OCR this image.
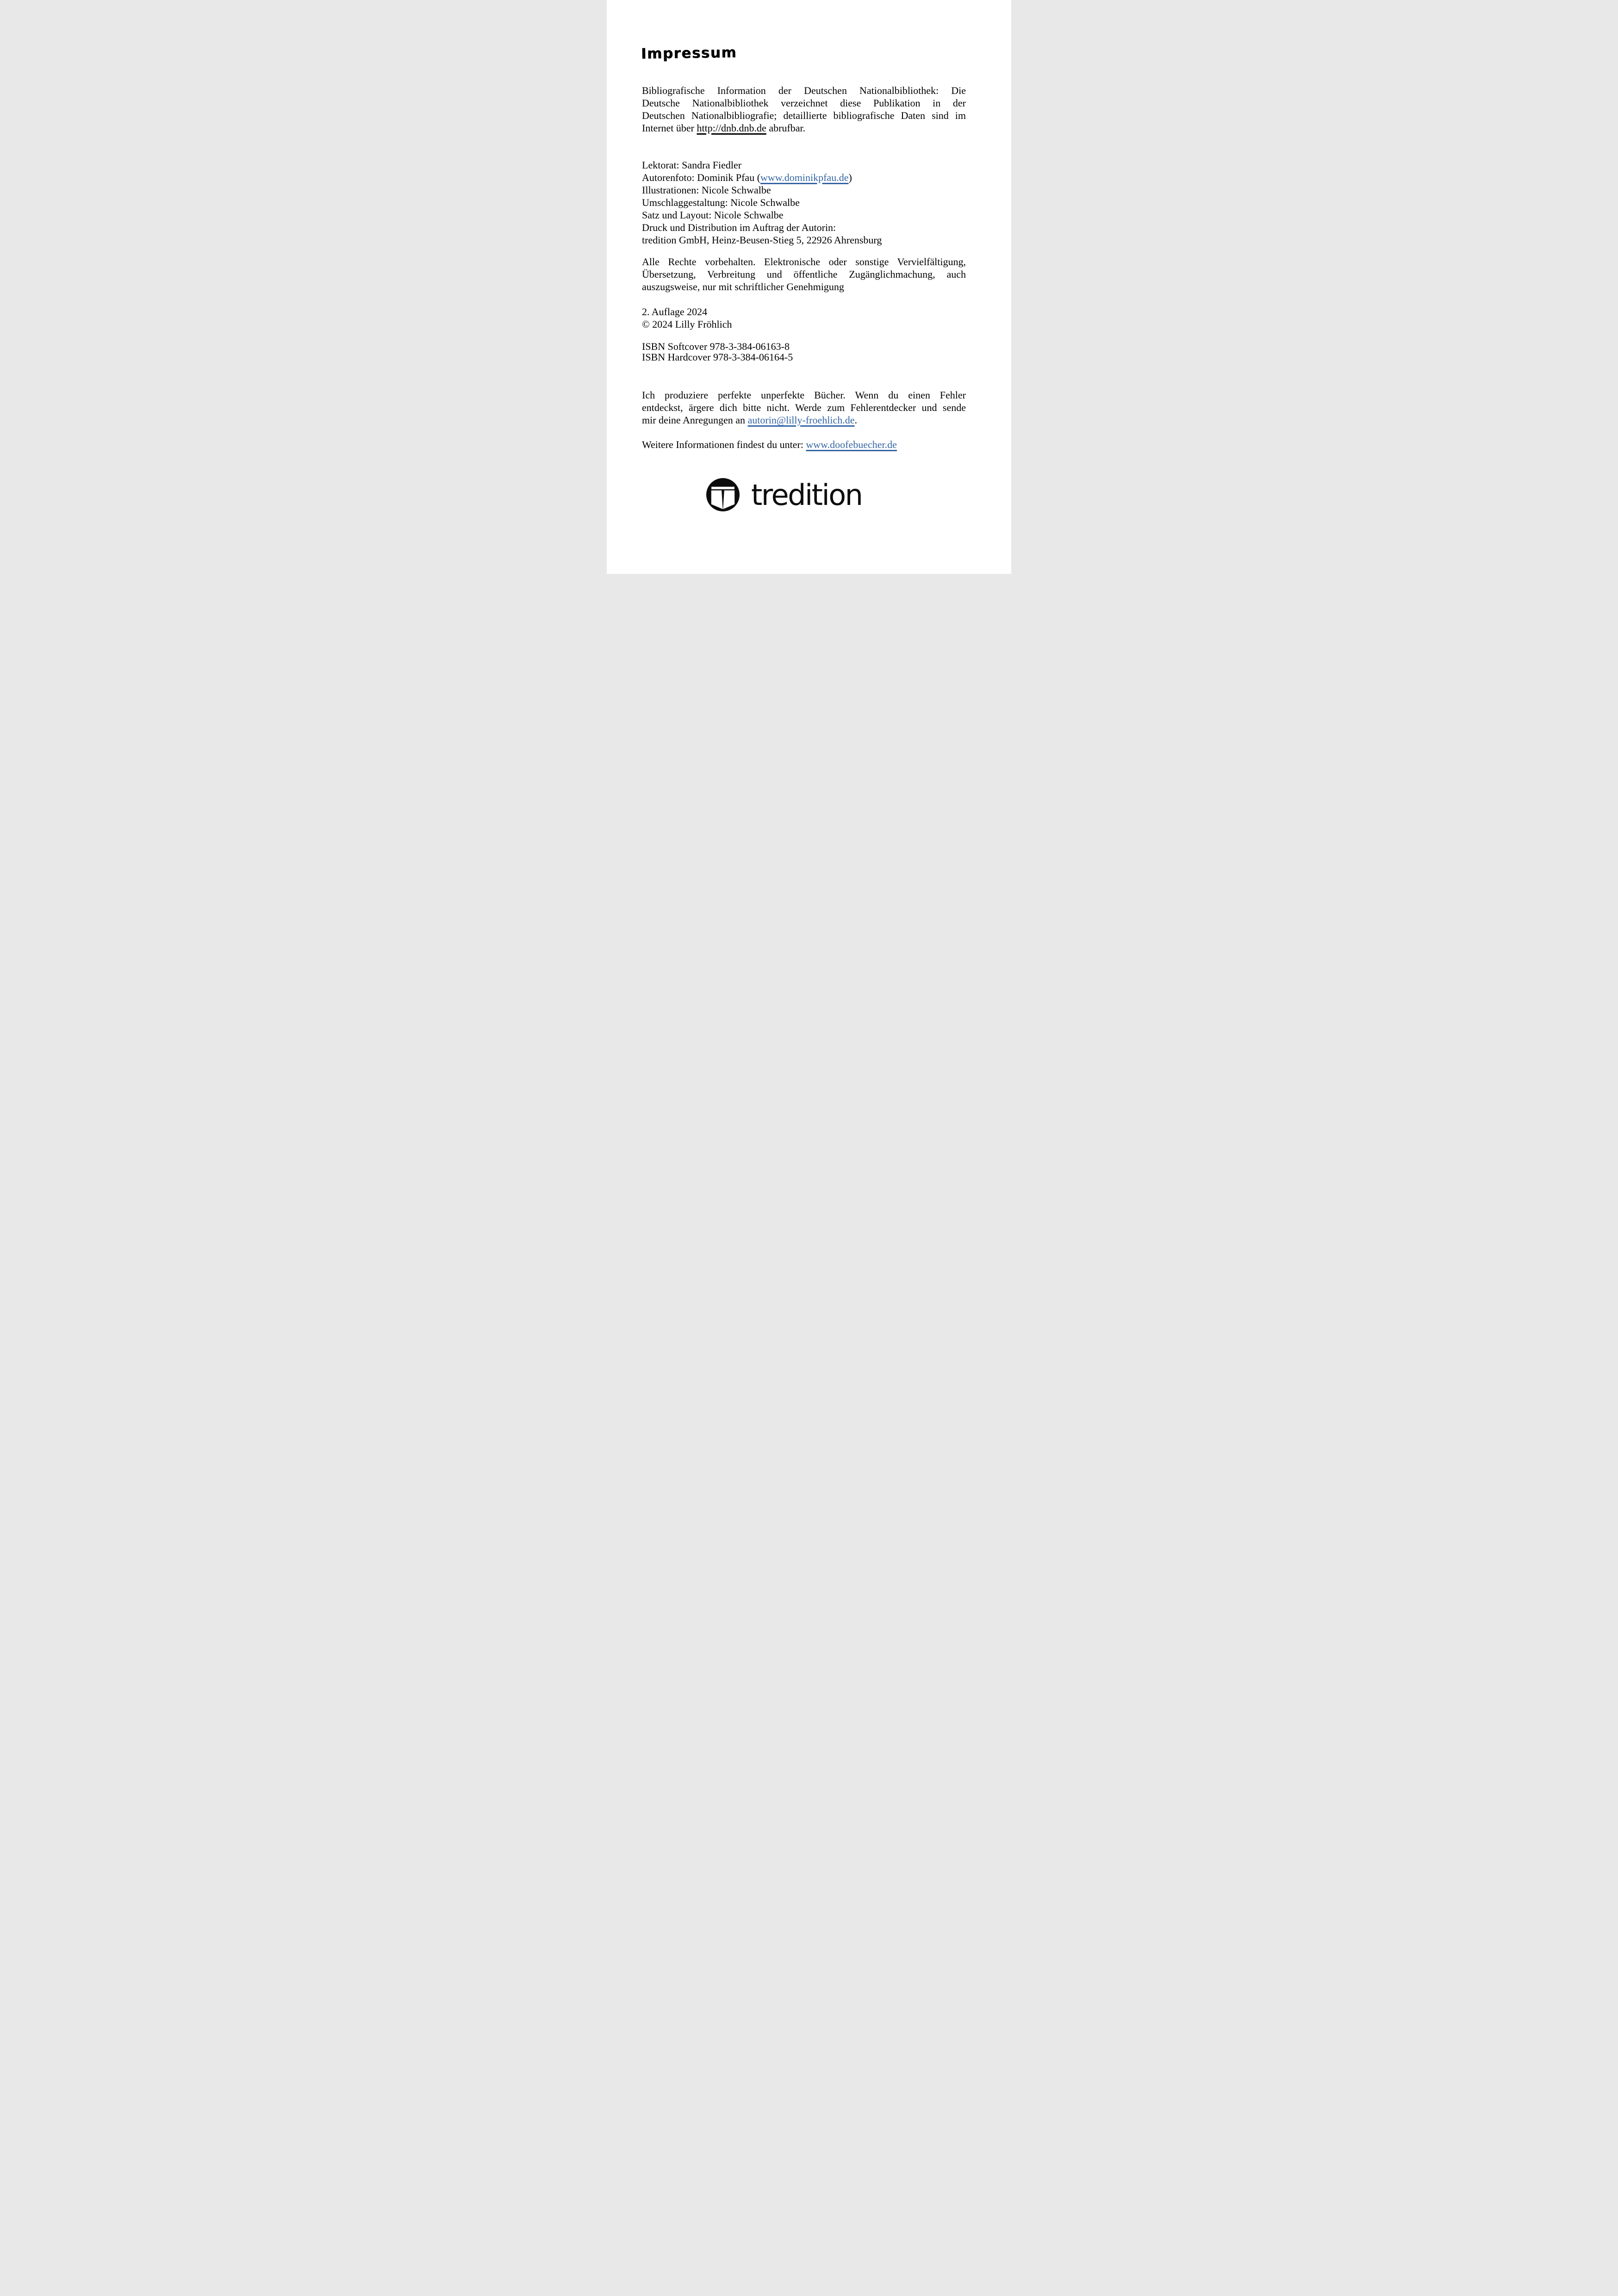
Impressum
Bibliografische Information der Deutschen Nationalbibliothek: Die
Deutsche Nationalbibliothek verzeichnet diese Publikation in der
Deutschen Nationalbibliografie; detaillierte bibliografische Daten sind im
Internet über http://dnb.dnb.de abrufbar.
Lektorat: Sandra Fiedler
Autorenfoto: Dominik Pfau (www.dominikpfau.de)
Illustrationen: Nicole Schwalbe
Umschlaggestaltung: Nicole Schwalbe
Satz und Layout: Nicole Schwalbe
Druck und Distribution im Auftrag der Autorin:
tredition GmbH, Heinz-Beusen-Stieg 5, 22926 Ahrensburg
Alle Rechte vorbehalten. Elektronische oder sonstige Vervielfältigung,
Übersetzung, Verbreitung und öffentliche Zugänglichmachung, auch
auszugsweise, nur mit schriftlicher Genehmigung
2. Auflage 2024
© 2024 Lilly Fröhlich
ISBN Softcover 978-3-384-06163-8
ISBN Hardcover 978-3-384-06164-5
Ich produziere perfekte unperfekte Bücher. Wenn du einen Fehler
entdeckst, ärgere dich bitte nicht. Werde zum Fehlerentdecker und sende
mir deine Anregungen an autorin@lilly-froehlich.de.
Weitere Informationen findest du unter: www.doofebuecher.de
tredition
